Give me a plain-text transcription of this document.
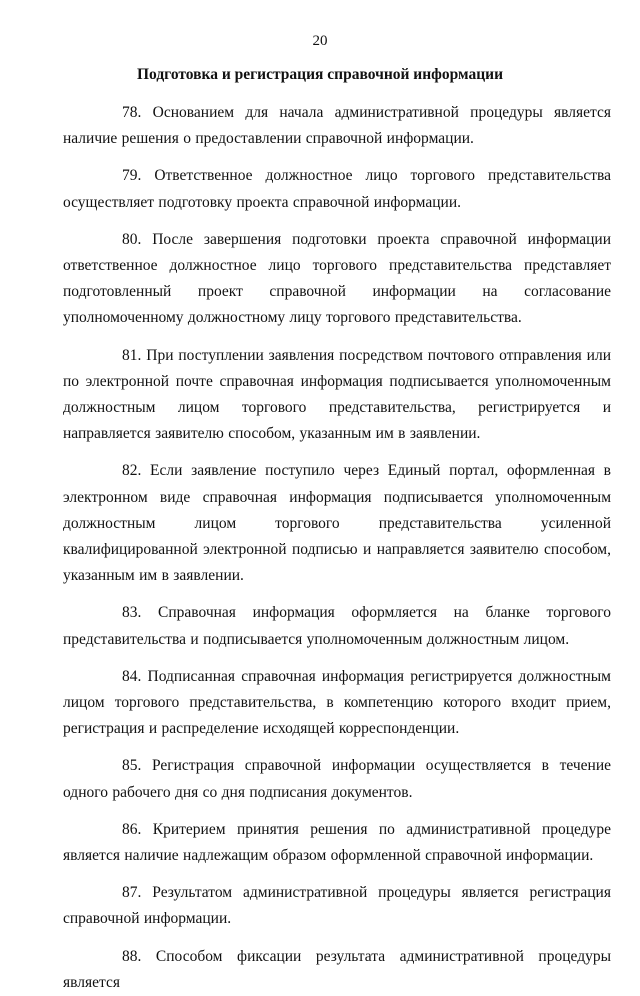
20
Подготовка и регистрация справочной информации

78. Основанием для начала административной процедуры является наличие решения о предоставлении справочной информации.

79. Ответственное должностное лицо торгового представительства осуществляет подготовку проекта справочной информации.

80. После завершения подготовки проекта справочной информации ответственное должностное лицо торгового представительства представляет подготовленный проект справочной информации на согласование уполномоченному должностному лицу торгового представительства.

81. При поступлении заявления посредством почтового отправления или по электронной почте справочная информация подписывается уполномоченным должностным лицом торгового представительства, регистрируется и направляется заявителю способом, указанным им в заявлении.

82. Если заявление поступило через Единый портал, оформленная в электронном виде справочная информация подписывается уполномоченным должностным лицом торгового представительства усиленной квалифицированной электронной подписью и направляется заявителю способом, указанным им в заявлении.

83. Справочная информация оформляется на бланке торгового представительства и подписывается уполномоченным должностным лицом.

84. Подписанная справочная информация регистрируется должностным лицом торгового представительства, в компетенцию которого входит прием, регистрация и распределение исходящей корреспонденции.

85. Регистрация справочной информации осуществляется в течение одного рабочего дня со дня подписания документов.

86. Критерием принятия решения по административной процедуре является наличие надлежащим образом оформленной справочной информации.

87. Результатом административной процедуры является регистрация справочной информации.

88. Способом фиксации результата административной процедуры является
